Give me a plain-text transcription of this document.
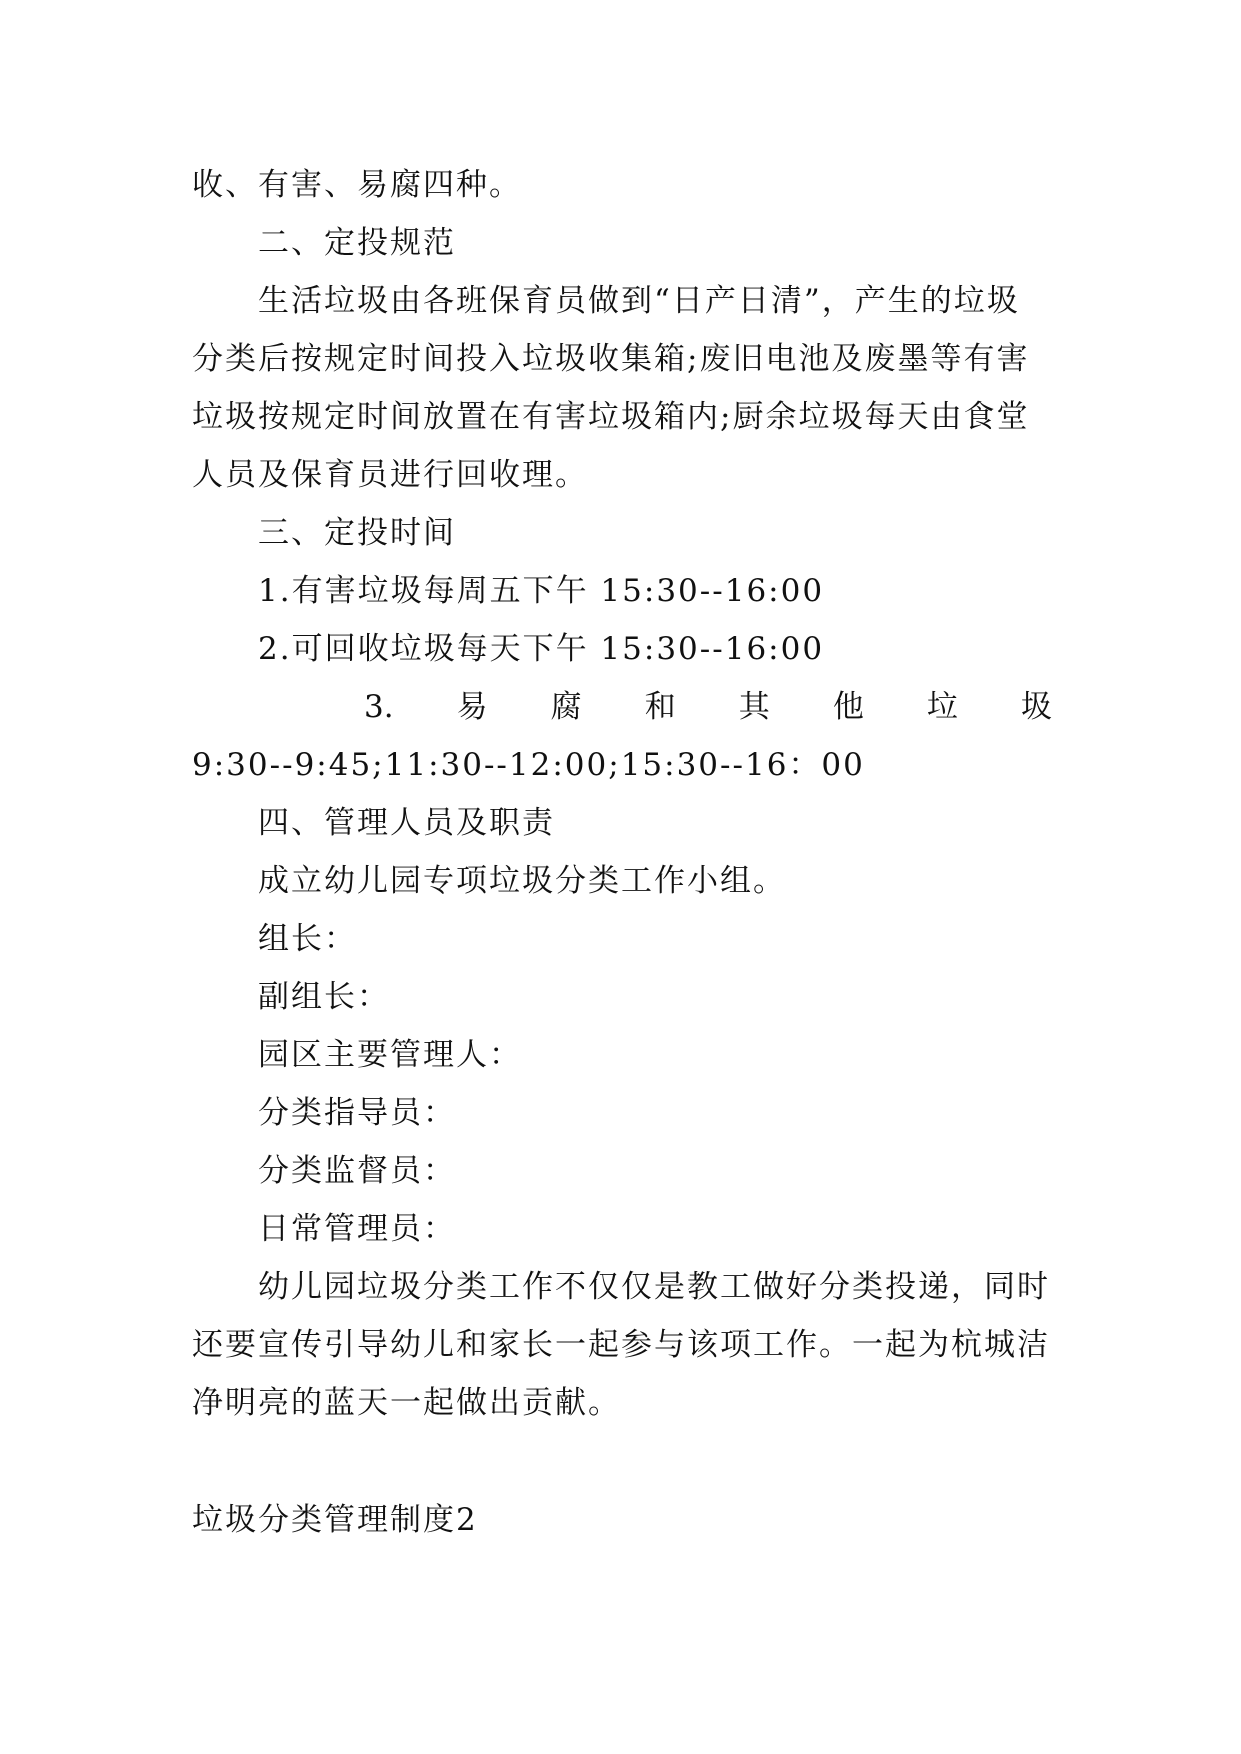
收、有害、易腐四种。
二、定投规范
生活垃圾由各班保育员做到“日产日清”，产生的垃圾
分类后按规定时间投入垃圾收集箱;废旧电池及废墨等有害
垃圾按规定时间放置在有害垃圾箱内;厨余垃圾每天由食堂
人员及保育员进行回收理。
三、定投时间
1.有害垃圾每周五下午 15:30--16:00
2.可回收垃圾每天下午 15:30--16:00
3. 易 腐 和 其 他 垃 圾
9:30--9:45;11:30--12:00;15:30--16：00
四、管理人员及职责
成立幼儿园专项垃圾分类工作小组。
组长：
副组长：
园区主要管理人：
分类指导员：
分类监督员：
日常管理员：
幼儿园垃圾分类工作不仅仅是教工做好分类投递，同时
还要宣传引导幼儿和家长一起参与该项工作。一起为杭城洁
净明亮的蓝天一起做出贡献。
垃圾分类管理制度2
